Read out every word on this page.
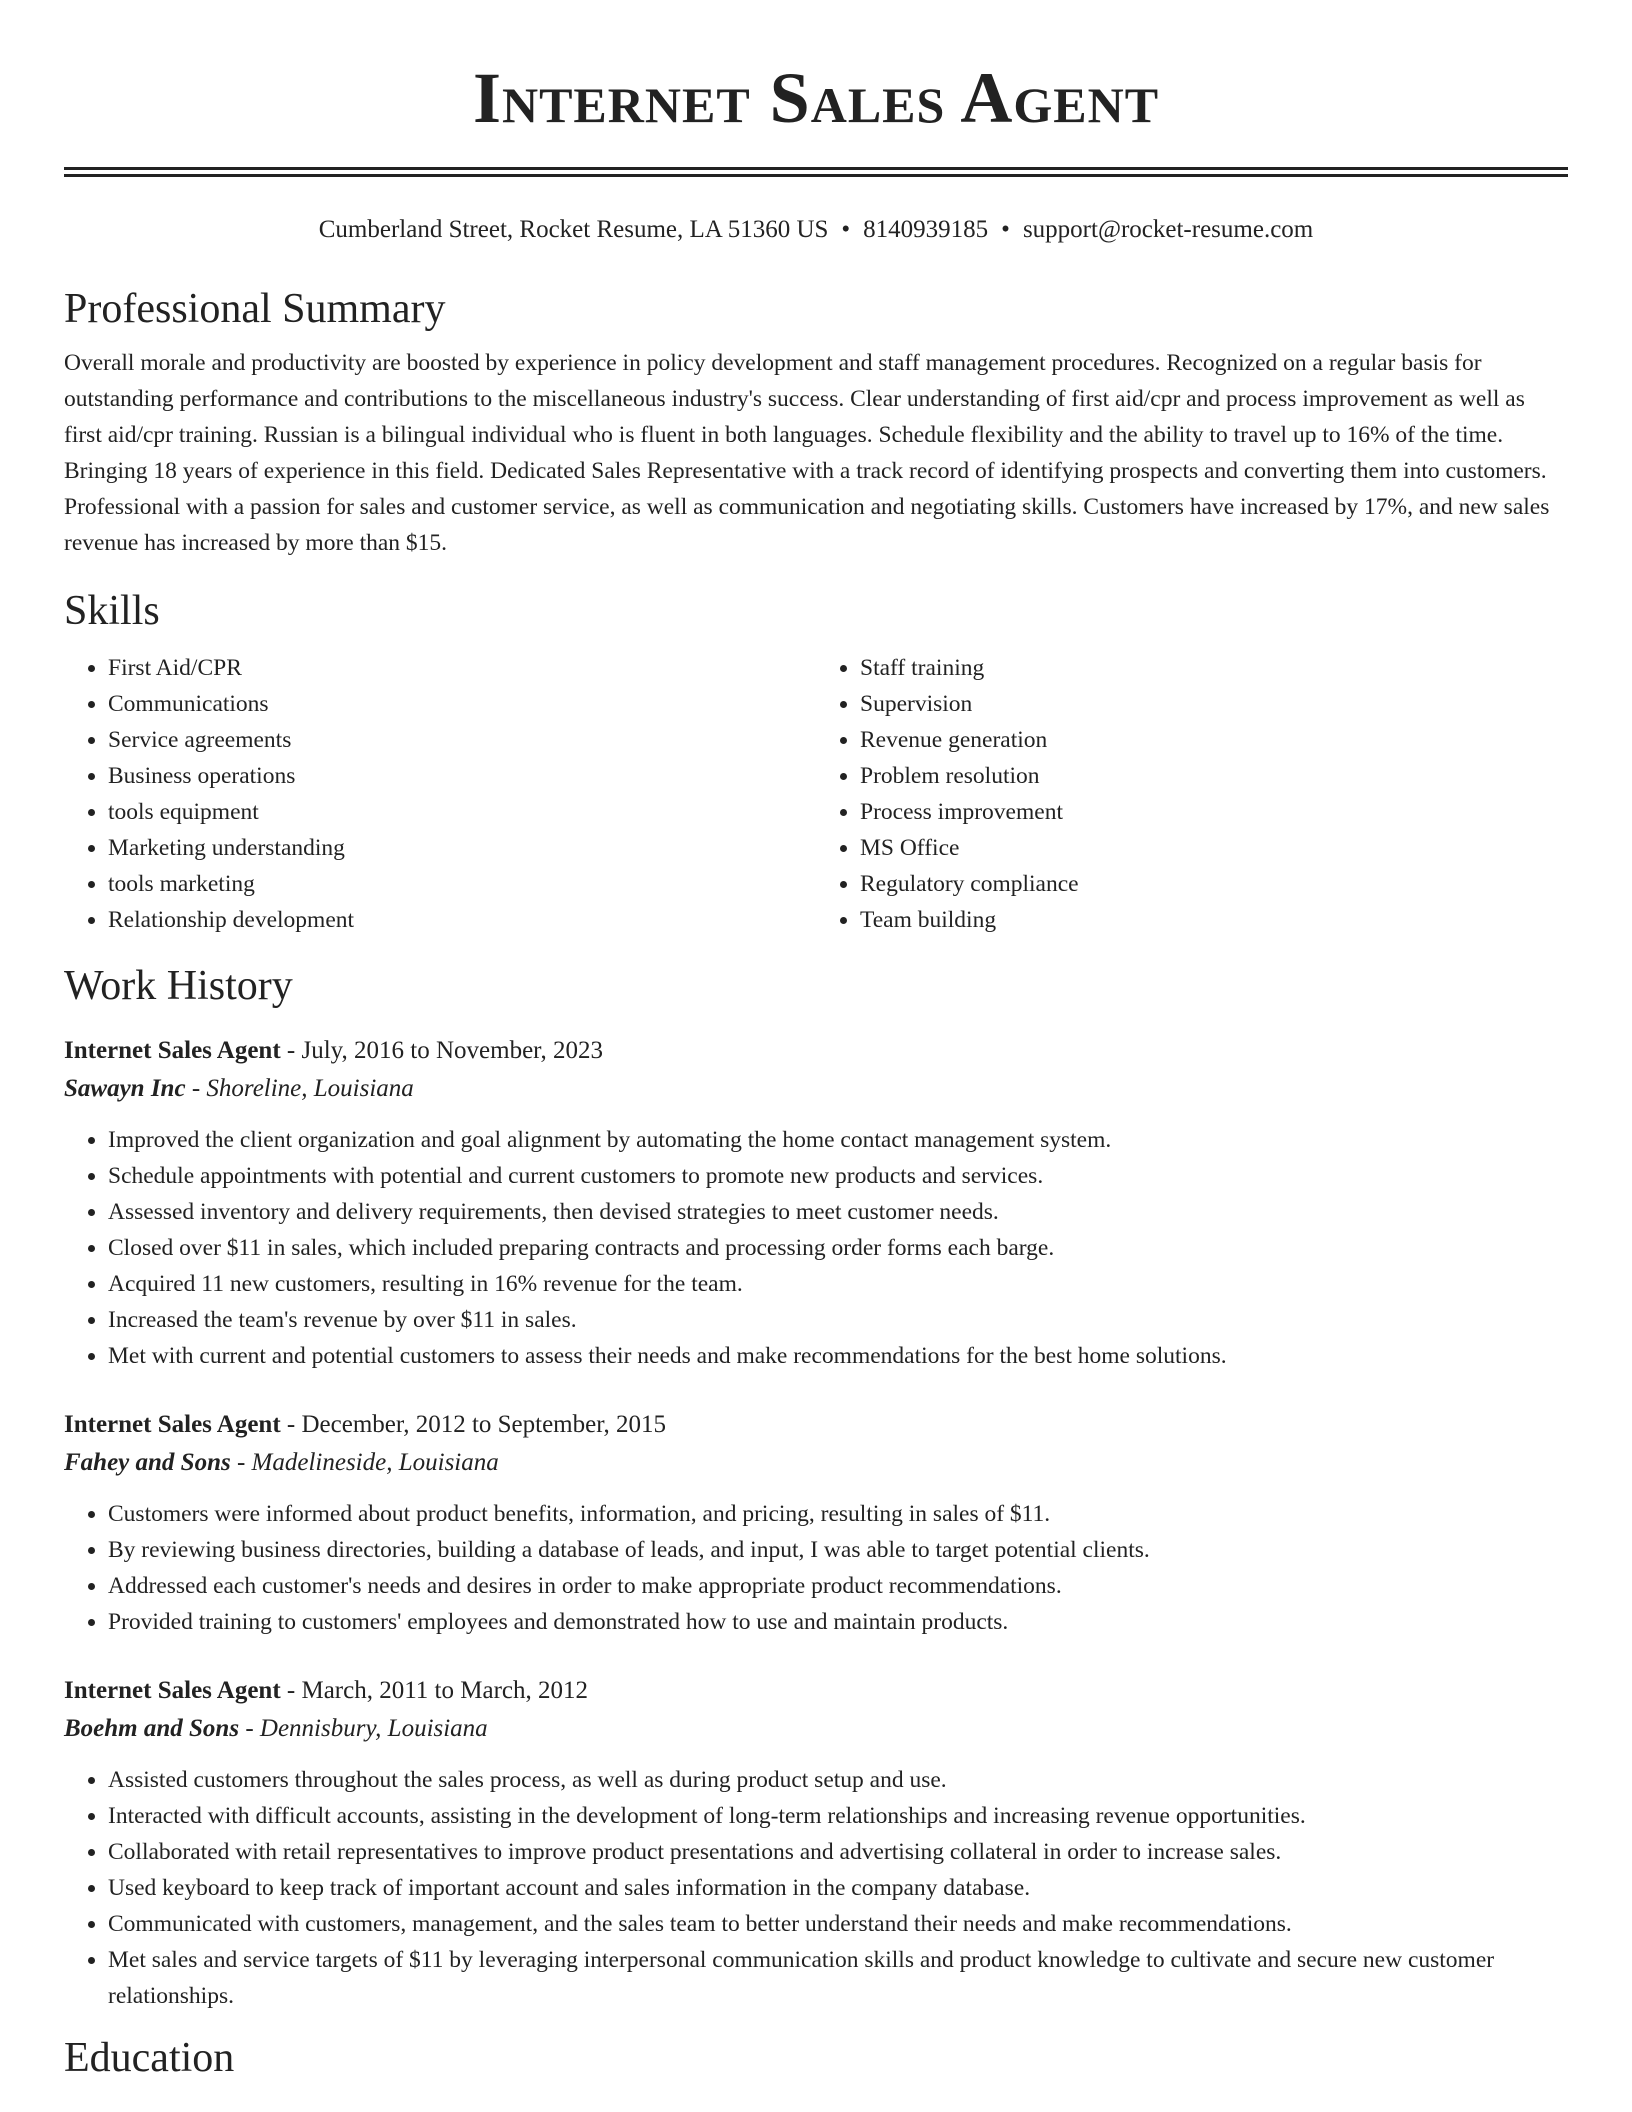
Internet Sales Agent
Cumberland Street, Rocket Resume, LA 51360 US • 8140939185 • support@rocket-resume.com
Professional Summary

Overall morale and productivity are boosted by experience in policy development and staff management procedures. Recognized on a regular basis for outstanding performance and contributions to the miscellaneous industry's success. Clear understanding of first aid/cpr and process improvement as well as first aid/cpr training. Russian is a bilingual individual who is fluent in both languages. Schedule flexibility and the ability to travel up to 16% of the time. Bringing 18 years of experience in this field. Dedicated Sales Representative with a track record of identifying prospects and converting them into customers. Professional with a passion for sales and customer service, as well as communication and negotiating skills. Customers have increased by 17%, and new sales revenue has increased by more than $15.

Skills
• First Aid/CPR
• Communications
• Service agreements
• Business operations
• tools equipment
• Marketing understanding
• tools marketing
• Relationship development
• Staff training
• Supervision
• Revenue generation
• Problem resolution
• Process improvement
• MS Office
• Regulatory compliance
• Team building
Work History
Internet Sales Agent - July, 2016 to November, 2023
Sawayn Inc - Shoreline, Louisiana
• Improved the client organization and goal alignment by automating the home contact management system.
• Schedule appointments with potential and current customers to promote new products and services.
• Assessed inventory and delivery requirements, then devised strategies to meet customer needs.
• Closed over $11 in sales, which included preparing contracts and processing order forms each barge.
• Acquired 11 new customers, resulting in 16% revenue for the team.
• Increased the team's revenue by over $11 in sales.
• Met with current and potential customers to assess their needs and make recommendations for the best home solutions.
Internet Sales Agent - December, 2012 to September, 2015
Fahey and Sons - Madelineside, Louisiana
• Customers were informed about product benefits, information, and pricing, resulting in sales of $11.
• By reviewing business directories, building a database of leads, and input, I was able to target potential clients.
• Addressed each customer's needs and desires in order to make appropriate product recommendations.
• Provided training to customers' employees and demonstrated how to use and maintain products.
Internet Sales Agent - March, 2011 to March, 2012
Boehm and Sons - Dennisbury, Louisiana
• Assisted customers throughout the sales process, as well as during product setup and use.
• Interacted with difficult accounts, assisting in the development of long-term relationships and increasing revenue opportunities.
• Collaborated with retail representatives to improve product presentations and advertising collateral in order to increase sales.
• Used keyboard to keep track of important account and sales information in the company database.
• Communicated with customers, management, and the sales team to better understand their needs and make recommendations.
• Met sales and service targets of $11 by leveraging interpersonal communication skills and product knowledge to cultivate and secure new customer relationships.
Education
